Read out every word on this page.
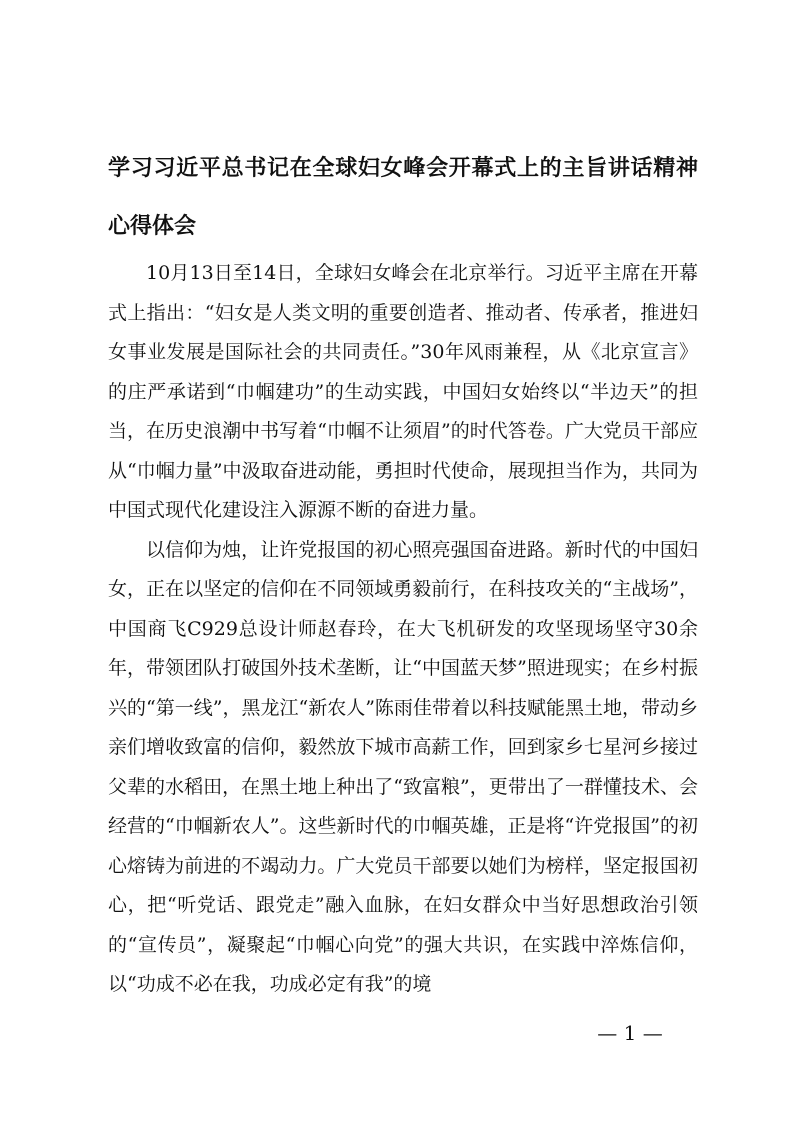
学习习近平总书记在全球妇女峰会开幕式上的主旨讲话精神心得体会

10月13日至14日，全球妇女峰会在北京举行。习近平主席在开幕式上指出：“妇女是人类文明的重要创造者、推动者、传承者，推进妇女事业发展是国际社会的共同责任。”30年风雨兼程，从《北京宣言》的庄严承诺到“巾帼建功”的生动实践，中国妇女始终以“半边天”的担当，在历史浪潮中书写着“巾帼不让须眉”的时代答卷。广大党员干部应从“巾帼力量”中汲取奋进动能，勇担时代使命，展现担当作为，共同为中国式现代化建设注入源源不断的奋进力量。

以信仰为烛，让许党报国的初心照亮强国奋进路。新时代的中国妇女，正在以坚定的信仰在不同领域勇毅前行，在科技攻关的“主战场”，中国商飞C929总设计师赵春玲，在大飞机研发的攻坚现场坚守30余年，带领团队打破国外技术垄断，让“中国蓝天梦”照进现实；在乡村振兴的“第一线”，黑龙江“新农人”陈雨佳带着以科技赋能黑土地，带动乡亲们增收致富的信仰，毅然放下城市高薪工作，回到家乡七星河乡接过父辈的水稻田，在黑土地上种出了“致富粮”，更带出了一群懂技术、会经营的“巾帼新农人”。这些新时代的巾帼英雄，正是将“许党报国”的初心熔铸为前进的不竭动力。广大党员干部要以她们为榜样，坚定报国初心，把“听党话、跟党走”融入血脉，在妇女群众中当好思想政治引领的“宣传员”，凝聚起“巾帼心向党”的强大共识，在实践中淬炼信仰，以“功成不必在我，功成必定有我”的境

— 1 —
